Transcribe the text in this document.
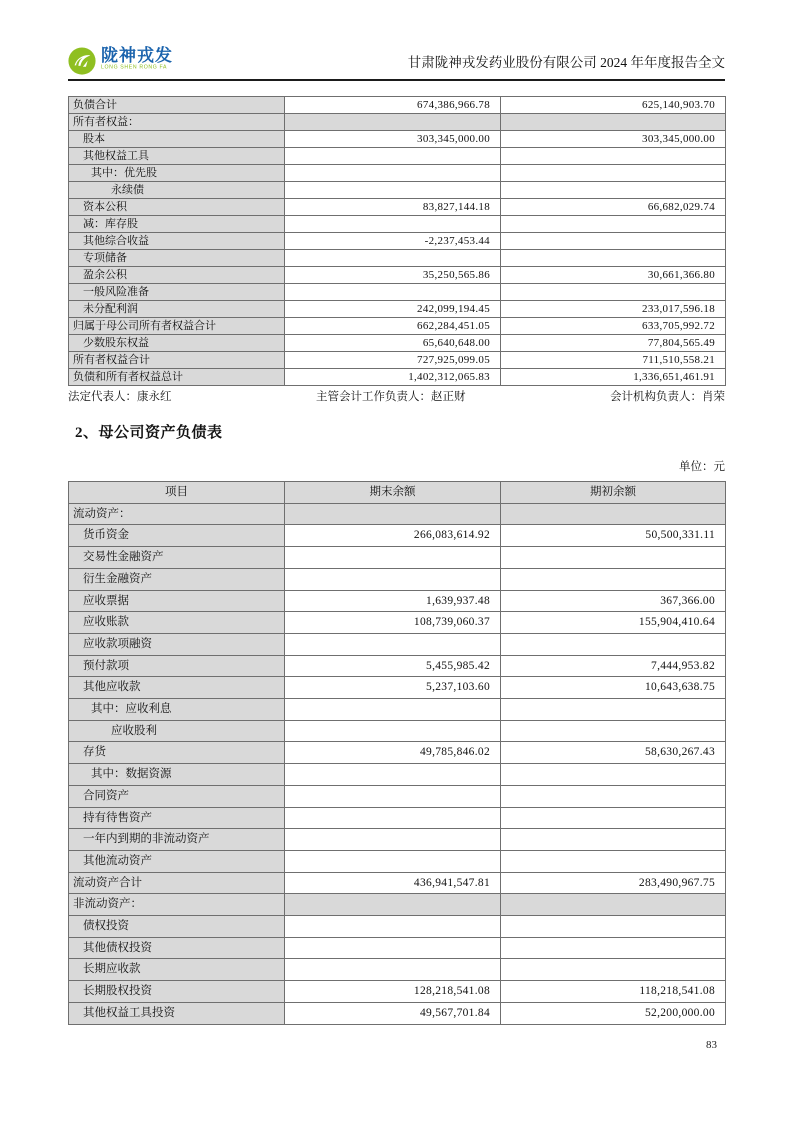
陇神戎发
LONG SHEN RONG FA	甘肃陇神戎发药业股份有限公司 2024 年年度报告全文
负债合计	674,386,966.78	625,140,903.70
所有者权益：		
股本	303,345,000.00	303,345,000.00
其他权益工具		
其中：优先股		
永续债		
资本公积	83,827,144.18	66,682,029.74
减：库存股		
其他综合收益	-2,237,453.44	
专项储备		
盈余公积	35,250,565.86	30,661,366.80
一般风险准备		
未分配利润	242,099,194.45	233,017,596.18
归属于母公司所有者权益合计	662,284,451.05	633,705,992.72
少数股东权益	65,640,648.00	77,804,565.49
所有者权益合计	727,925,099.05	711,510,558.21
负债和所有者权益总计	1,402,312,065.83	1,336,651,461.91
法定代表人：康永红	主管会计工作负责人：赵正财	会计机构负责人：肖荣
2、母公司资产负债表
单位：元
项目	期末余额	期初余额
流动资产：		
货币资金	266,083,614.92	50,500,331.11
交易性金融资产		
衍生金融资产		
应收票据	1,639,937.48	367,366.00
应收账款	108,739,060.37	155,904,410.64
应收款项融资		
预付款项	5,455,985.42	7,444,953.82
其他应收款	5,237,103.60	10,643,638.75
其中：应收利息		
应收股利		
存货	49,785,846.02	58,630,267.43
其中：数据资源		
合同资产		
持有待售资产		
一年内到期的非流动资产		
其他流动资产		
流动资产合计	436,941,547.81	283,490,967.75
非流动资产：		
债权投资		
其他债权投资		
长期应收款		
长期股权投资	128,218,541.08	118,218,541.08
其他权益工具投资	49,567,701.84	52,200,000.00
83
